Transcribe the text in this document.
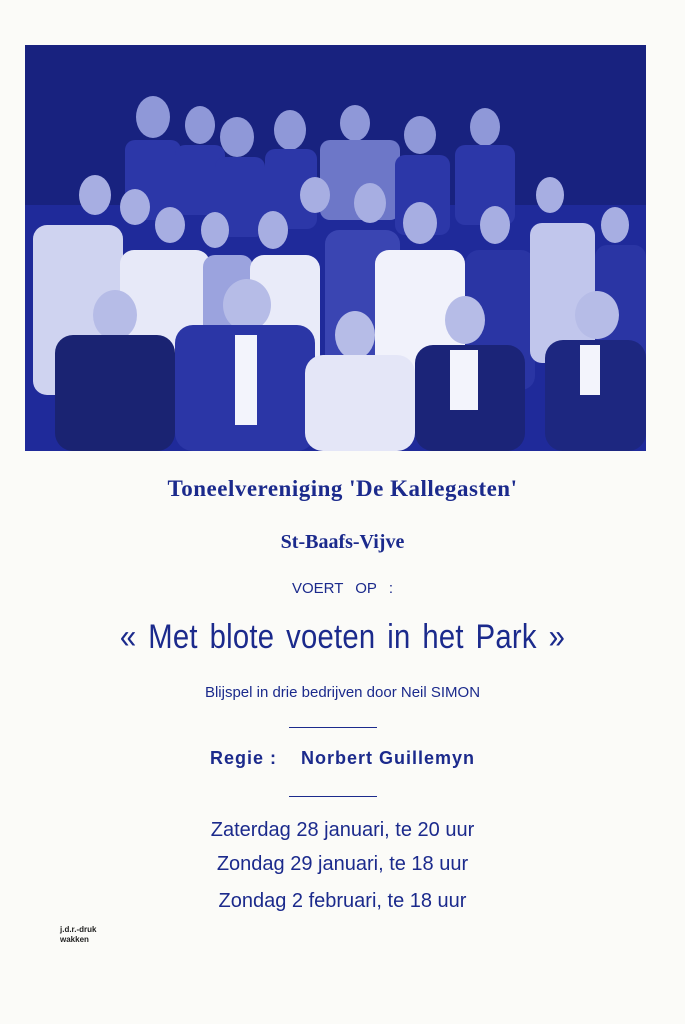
Toneelvereniging 'De Kallegasten'
St-Baafs-Vijve
VOERT OP :
« Met blote voeten in het Park »
Blijspel in drie bedrijven door Neil SIMON
Regie : Norbert Guillemyn
Zaterdag 28 januari, te 20 uur
Zondag 29 januari, te 18 uur
Zondag 2 februari, te 18 uur
j.d.r.-druk
wakken
